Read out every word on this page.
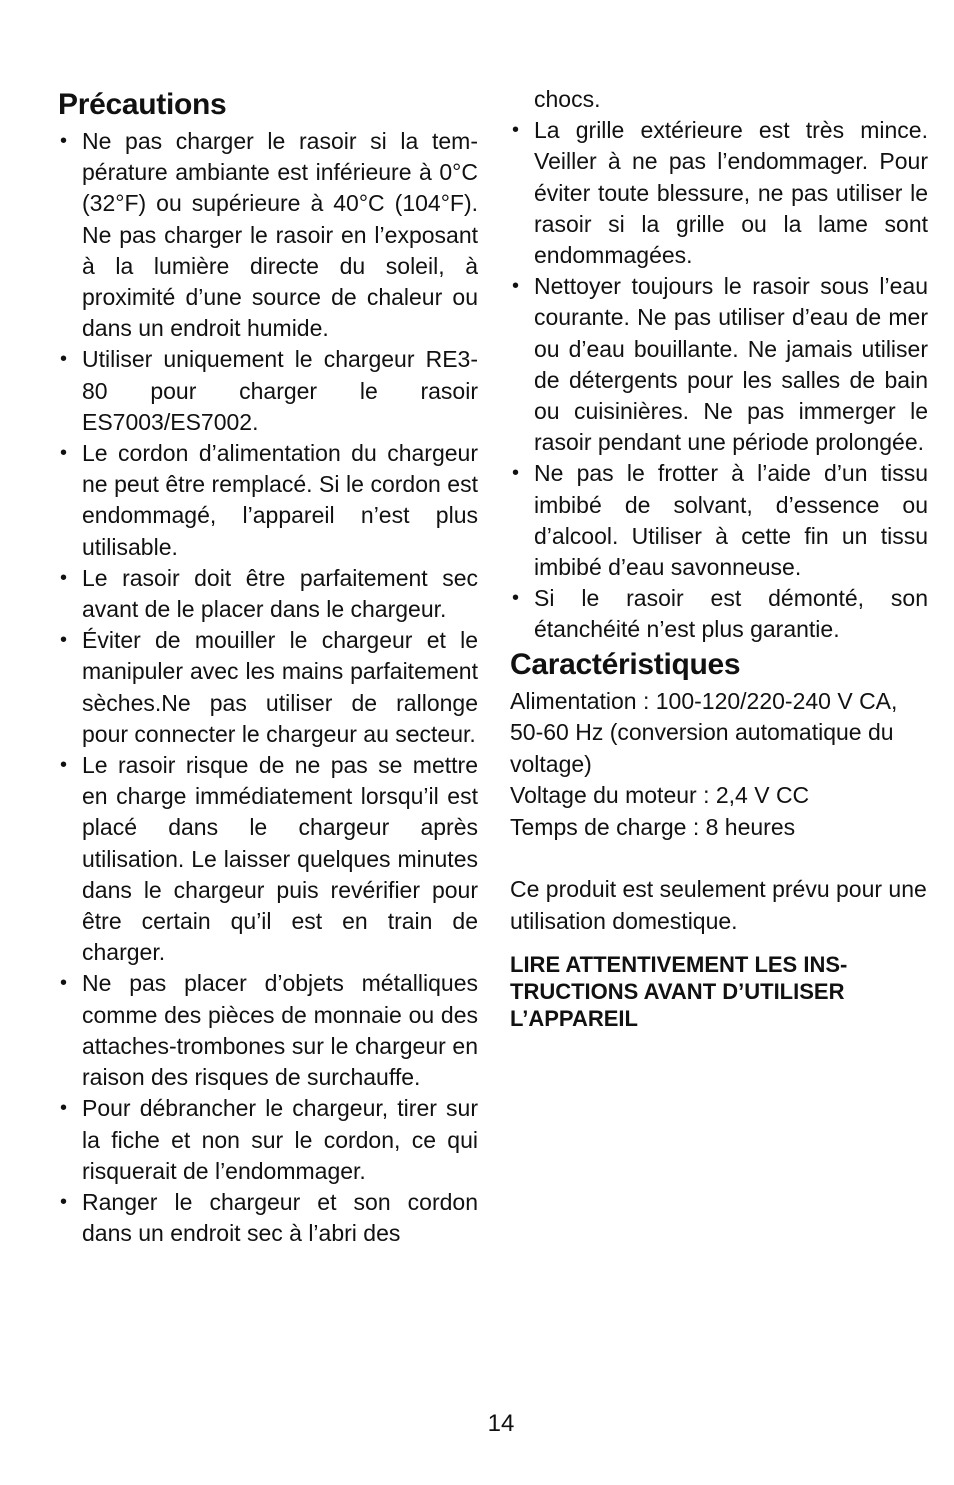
Précautions
• Ne pas charger le rasoir si la température ambiante est inférieure à 0°C (32°F) ou supérieure à 40°C (104°F). Ne pas charger le rasoir en l’exposant à la lumière directe du soleil, à proximité d’une source de chaleur ou dans un endroit humide.
• Utiliser uniquement le chargeur RE3-80 pour charger le rasoir ES7003/ES7002.
• Le cordon d’alimentation du chargeur ne peut être remplacé. Si le cordon est endommagé, l’appareil n’est plus utilisable.
• Le rasoir doit être parfaitement sec avant de le placer dans le chargeur.
• Éviter de mouiller le chargeur et le manipuler avec les mains parfaitement sèches.Ne pas utiliser de rallonge pour connecter le chargeur au secteur.
• Le rasoir risque de ne pas se mettre en charge immédiatement lorsqu’il est placé dans le chargeur après utilisation. Le laisser quelques minutes dans le chargeur puis revérifier pour être certain qu’il est en train de charger.
• Ne pas placer d’objets métalliques comme des pièces de monnaie ou des attaches-trombones sur le chargeur en raison des risques de surchauffe.
• Pour débrancher le chargeur, tirer sur la fiche et non sur le cordon, ce qui risquerait de l’endommager.
• Ranger le chargeur et son cordon dans un endroit sec à l’abri des

chocs.

• La grille extérieure est très mince. Veiller à ne pas l’endommager. Pour éviter toute blessure, ne pas utiliser le rasoir si la grille ou la lame sont endommagées.
• Nettoyer toujours le rasoir sous l’eau courante. Ne pas utiliser d’eau de mer ou d’eau bouillante. Ne jamais utiliser de détergents pour les salles de bain ou cuisinières. Ne pas immerger le rasoir pendant une période prolongée.
• Ne pas le frotter à l’aide d’un tissu imbibé de solvant, d’essence ou d’alcool. Utiliser à cette fin un tissu imbibé d’eau savonneuse.
• Si le rasoir est démonté, son étanchéité n’est plus garantie.
Caractéristiques

Alimentation : 100-120/220-240 V CA, 50-60 Hz (conversion automatique du voltage)

Voltage du moteur : 2,4 V CC

Temps de charge : 8 heures

Ce produit est seulement prévu pour une utilisation domestique.

LIRE ATTENTIVEMENT LES INSTRUCTIONS AVANT D’UTILISER L’APPAREIL

14
